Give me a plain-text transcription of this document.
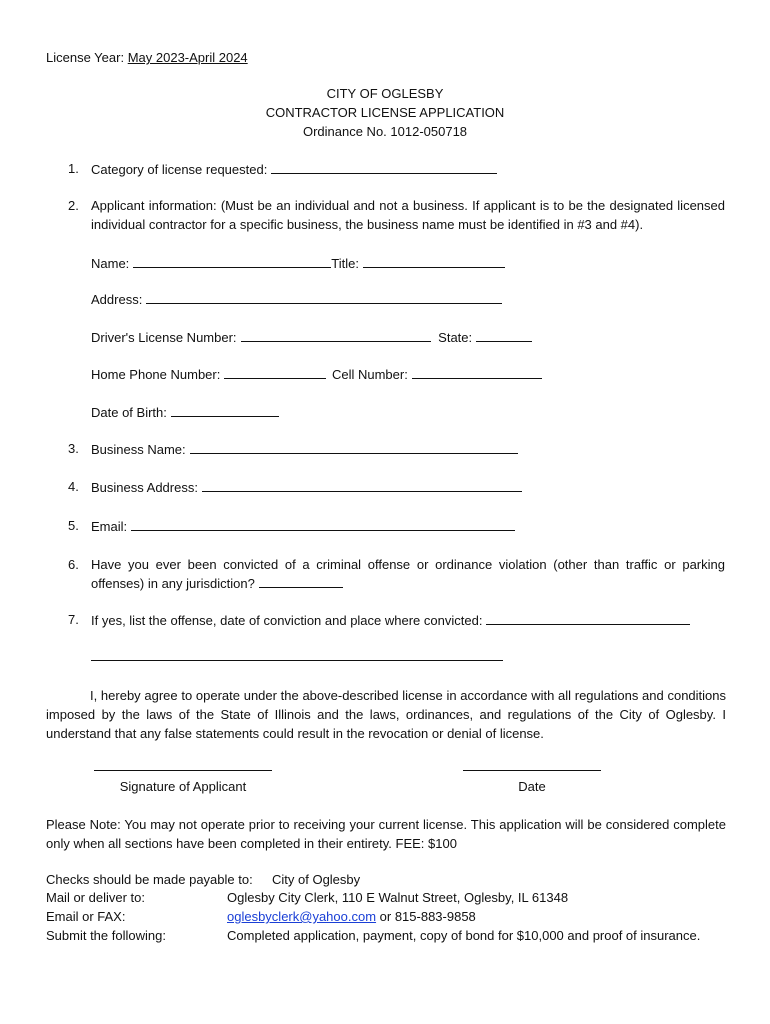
License Year: May 2023-April 2024
CITY OF OGLESBY
CONTRACTOR LICENSE APPLICATION
Ordinance No. 1012-050718
1. Category of license requested:
2. Applicant information: (Must be an individual and not a business. If applicant is to be the designated licensed individual contractor for a specific business, the business name must be identified in #3 and #4).
Name:	Title:
Address:
Driver's License Number:	State:
Home Phone Number:	Cell Number:
Date of Birth:
3. Business Name:
4. Business Address:
5. Email:
6. Have you ever been convicted of a criminal offense or ordinance violation (other than traffic or parking offenses) in any jurisdiction?
7. If yes, list the offense, date of conviction and place where convicted:
I, hereby agree to operate under the above-described license in accordance with all regulations and conditions imposed by the laws of the State of Illinois and the laws, ordinances, and regulations of the City of Oglesby. I understand that any false statements could result in the revocation or denial of license.
Signature of Applicant	Date
Please Note: You may not operate prior to receiving your current license. This application will be considered complete only when all sections have been completed in their entirety. FEE: $100
Checks should be made payable to: City of Oglesby
Mail or deliver to:	Oglesby City Clerk, 110 E Walnut Street, Oglesby, IL 61348
Email or FAX:	oglesbyclerk@yahoo.com or 815-883-9858
Submit the following:	Completed application, payment, copy of bond for $10,000 and proof of insurance.
